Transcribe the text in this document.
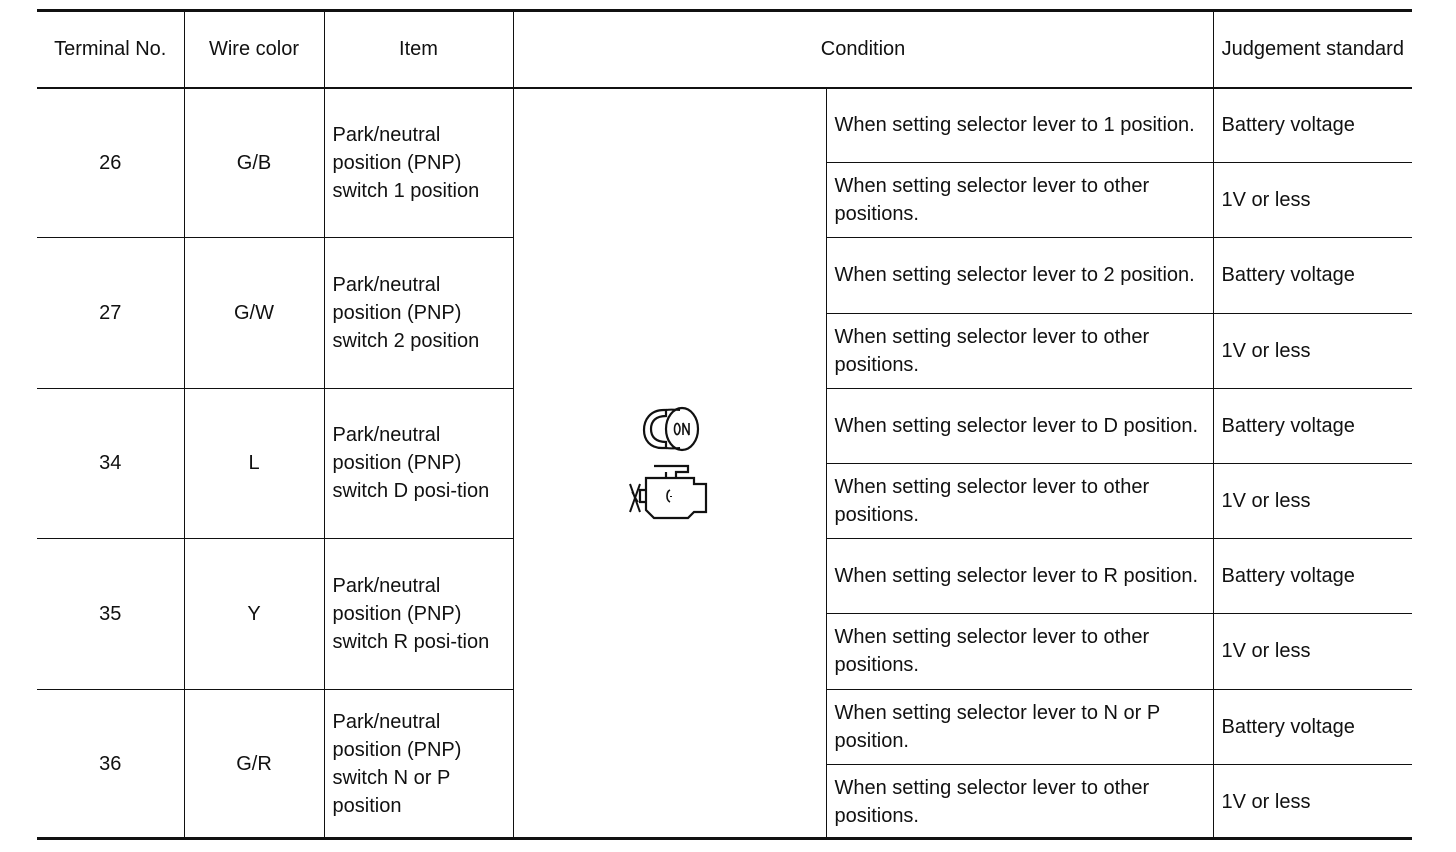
Terminal No.	Wire color	Item	Condition		Judgement standard
26	G/B	Park/neutral position (PNP) switch 1 position		When setting selector lever to 1 position.	Battery voltage
				When setting selector lever to other positions.	1V or less
27	G/W	Park/neutral position (PNP) switch 2 position		When setting selector lever to 2 position.	Battery voltage
				When setting selector lever to other positions.	1V or less
34	L	Park/neutral position (PNP) switch D posi-tion		When setting selector lever to D position.	Battery voltage
				When setting selector lever to other positions.	1V or less
35	Y	Park/neutral position (PNP) switch R posi-tion		When setting selector lever to R position.	Battery voltage
				When setting selector lever to other positions.	1V or less
36	G/R	Park/neutral position (PNP) switch N or P position		When setting selector lever to N or P position.	Battery voltage
				When setting selector lever to other positions.	1V or less
